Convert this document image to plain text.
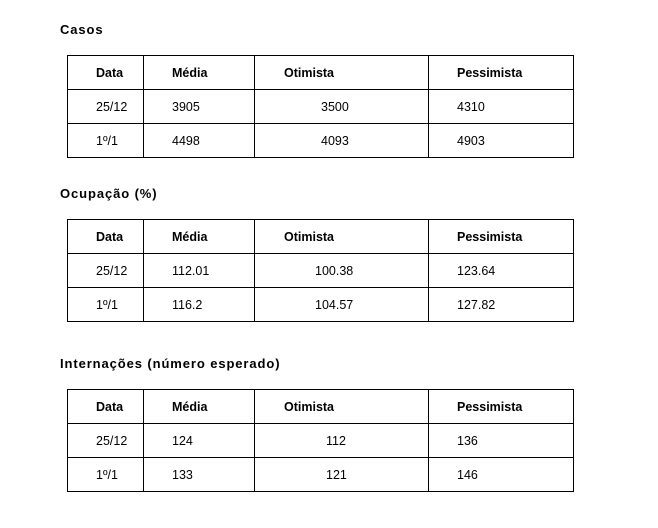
Casos
Data	Média	Otimista	Pessimista
25/12	3905	3500	4310
1º/1	4498	4093	4903
Ocupação (%)
Data	Média	Otimista	Pessimista
25/12	112.01	100.38	123.64
1º/1	116.2	104.57	127.82
Internações (número esperado)
Data	Média	Otimista	Pessimista
25/12	124	112	136
1º/1	133	121	146
